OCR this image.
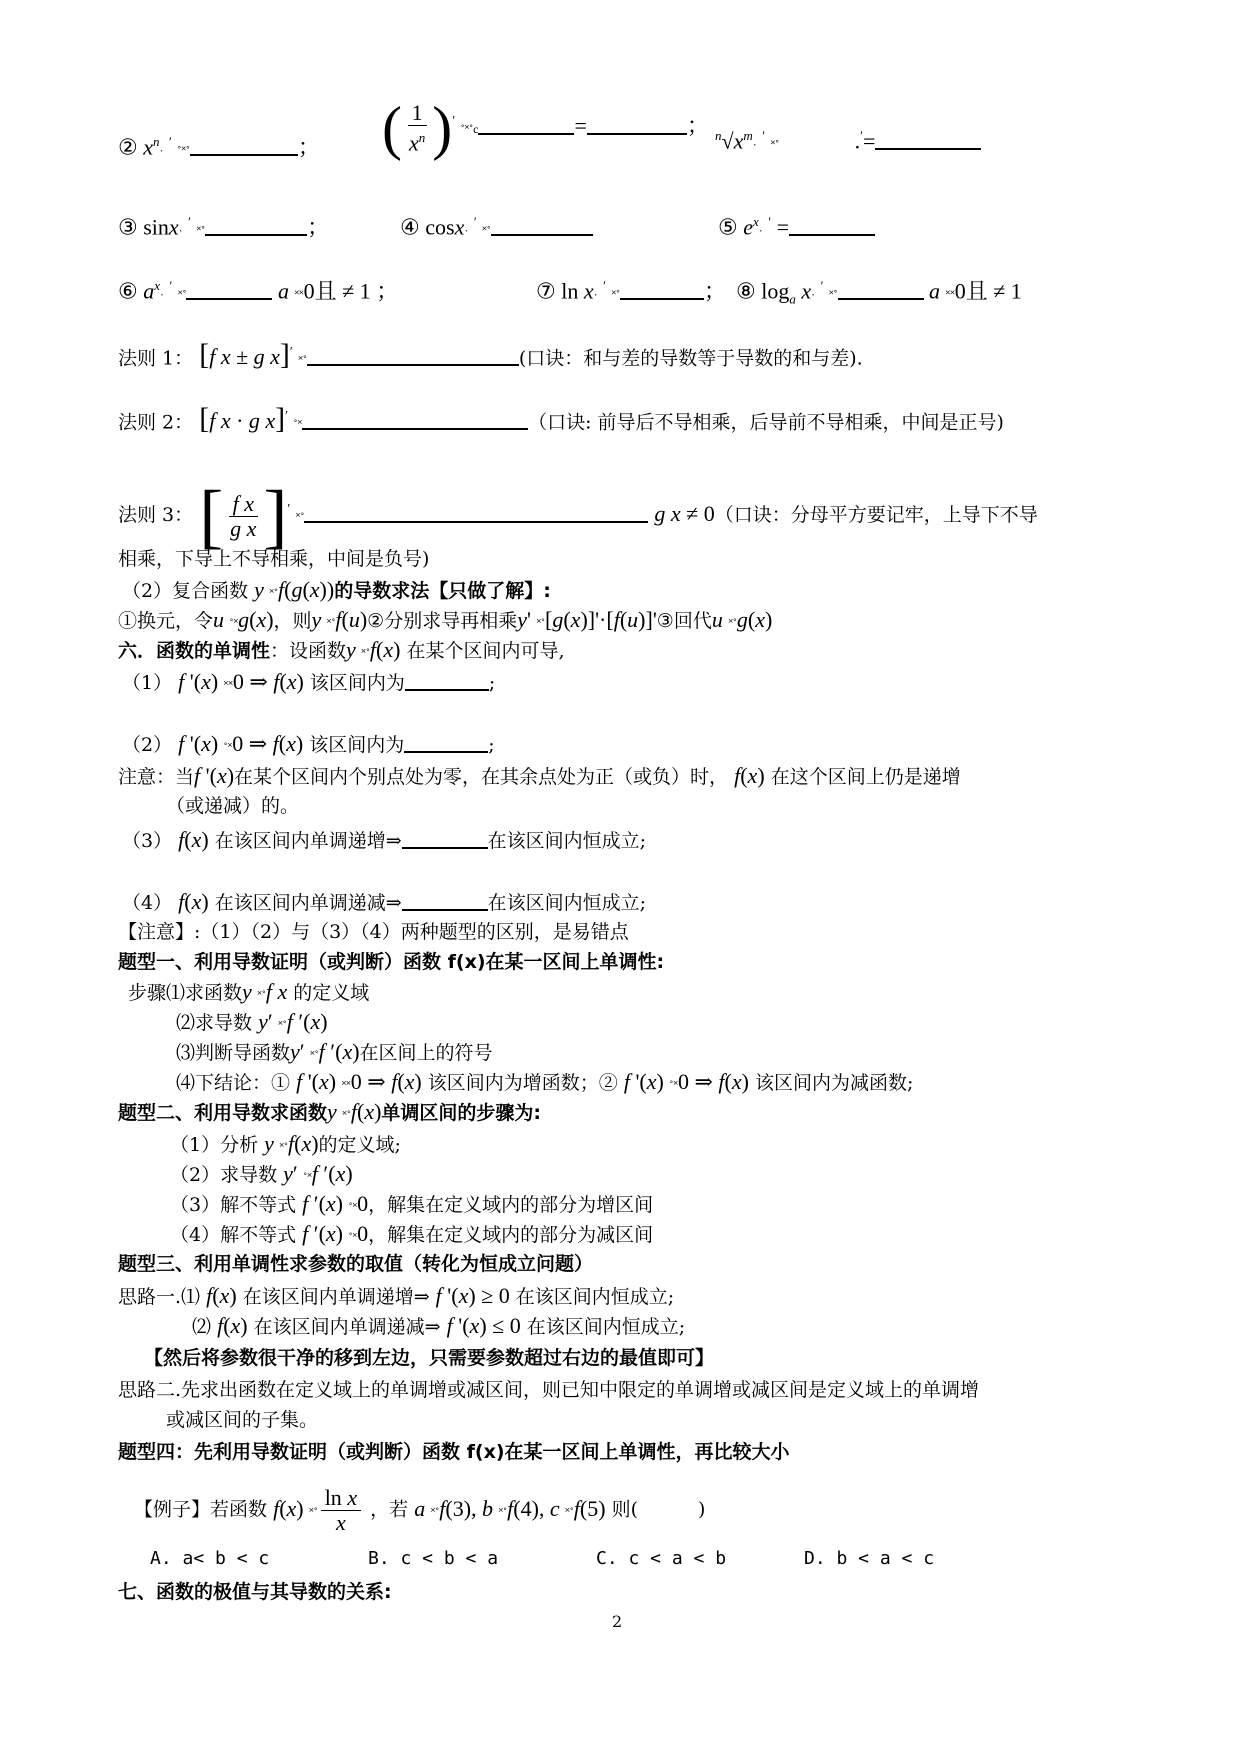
② $x^n\cdot '$ ˚˟˚	； ( $\frac{1}{x^n} )'$ ˚˟˚c	=	； $^n√x^m\cdot '$ ˟˚	.′=
③ sinx· ′ ˟˚	；	④ cosx· ′ ˟˚	⑤ $e^x\cdot '$ =
⑥ $a^x\cdot '$ ˟˚	a ˟˟0且 ≠ 1 ；	⑦ ln x· ′ ˟˚	； ⑧ $\log_a x\cdot '$ ˟˚	a ˟˟0且 ≠ 1
法则 1： [f x ± g x]′ ˟˚	(口诀：和与差的导数等于导数的和与差).
法则 2： [f x · g x]′ ˚˟	（口诀: 前导后不导相乘，后导前不导相乘，中间是正号)
法则 3： [ $\frac{\text{f x}}{\text{g x}} ]'$ ˟˚	g x ≠ 0（口诀：分母平方要记牢，上导下不导
相乘，下导上不导相乘，中间是负号)
（2）复合函数 y ˟˚f(g(x))的导数求法【只做了解】:
①换元，令u ˚˟g(x)，则y ˟˚f(u)②分别求导再相乘y' ˟˚[g(x)]'·[f(u)]'③回代u ˟˚g(x)
六．函数的单调性：设函数y ˟˚f(x) 在某个区间内可导,
（1） f '(x) ˟˟0 ⇒ f(x) 该区间内为	;
（2） f '(x) ˚˟0 ⇒ f(x) 该区间内为	;
注意：当f '(x)在某个区间内个别点处为零，在其余点处为正（或负）时， f(x) 在这个区间上仍是递增
（或递减）的。
（3） f(x) 在该区间内单调递增⇒	在该区间内恒成立;
（4） f(x) 在该区间内单调递减⇒	在该区间内恒成立;
【注意】:（1）（2）与（3）（4）两种题型的区别，是易错点
题型一、利用导数证明（或判断）函数 f(x)在某一区间上单调性:
步骤⑴求函数y ˟˚f x 的定义域
⑵求导数 y′ ˟˚f ′(x)
⑶判断导函数y′ ˟˚f ′(x)在区间上的符号
⑷下结论：① f '(x) ˟˟0 ⇒ f(x) 该区间内为增函数；② f '(x) ˚˟0 ⇒ f(x) 该区间内为减函数;
题型二、利用导数求函数y ˟˚f(x)单调区间的步骤为:
（1）分析 y ˟˚f(x)的定义域;
（2）求导数 y′ ˚˟f ′(x)
（3）解不等式 f ′(x) ˚˟0，解集在定义域内的部分为增区间
（4）解不等式 f ′(x) ˚˟0，解集在定义域内的部分为减区间
题型三、利用单调性求参数的取值（转化为恒成立问题）
思路一.⑴ f(x) 在该区间内单调递增⇒ f '(x) ≥ 0 在该区间内恒成立;
⑵ f(x) 在该区间内单调递减⇒ f '(x) ≤ 0 在该区间内恒成立;
【然后将参数很干净的移到左边，只需要参数超过右边的最值即可】
思路二.先求出函数在定义域上的单调增或减区间，则已知中限定的单调增或减区间是定义域上的单调增
或减区间的子集。
题型四：先利用导数证明（或判断）函数 f(x)在某一区间上单调性，再比较大小
【例子】若函数 f(x) ˟˚ $\frac{\text{ln x}}{x}$ ，若 a ˟˚f(3), b ˟˚f(4), c ˟˚f(5) 则(	)
A. a< b < c	B. c < b < a	C. c < a < b	D. b < a < c
七、函数的极值与其导数的关系:
2
